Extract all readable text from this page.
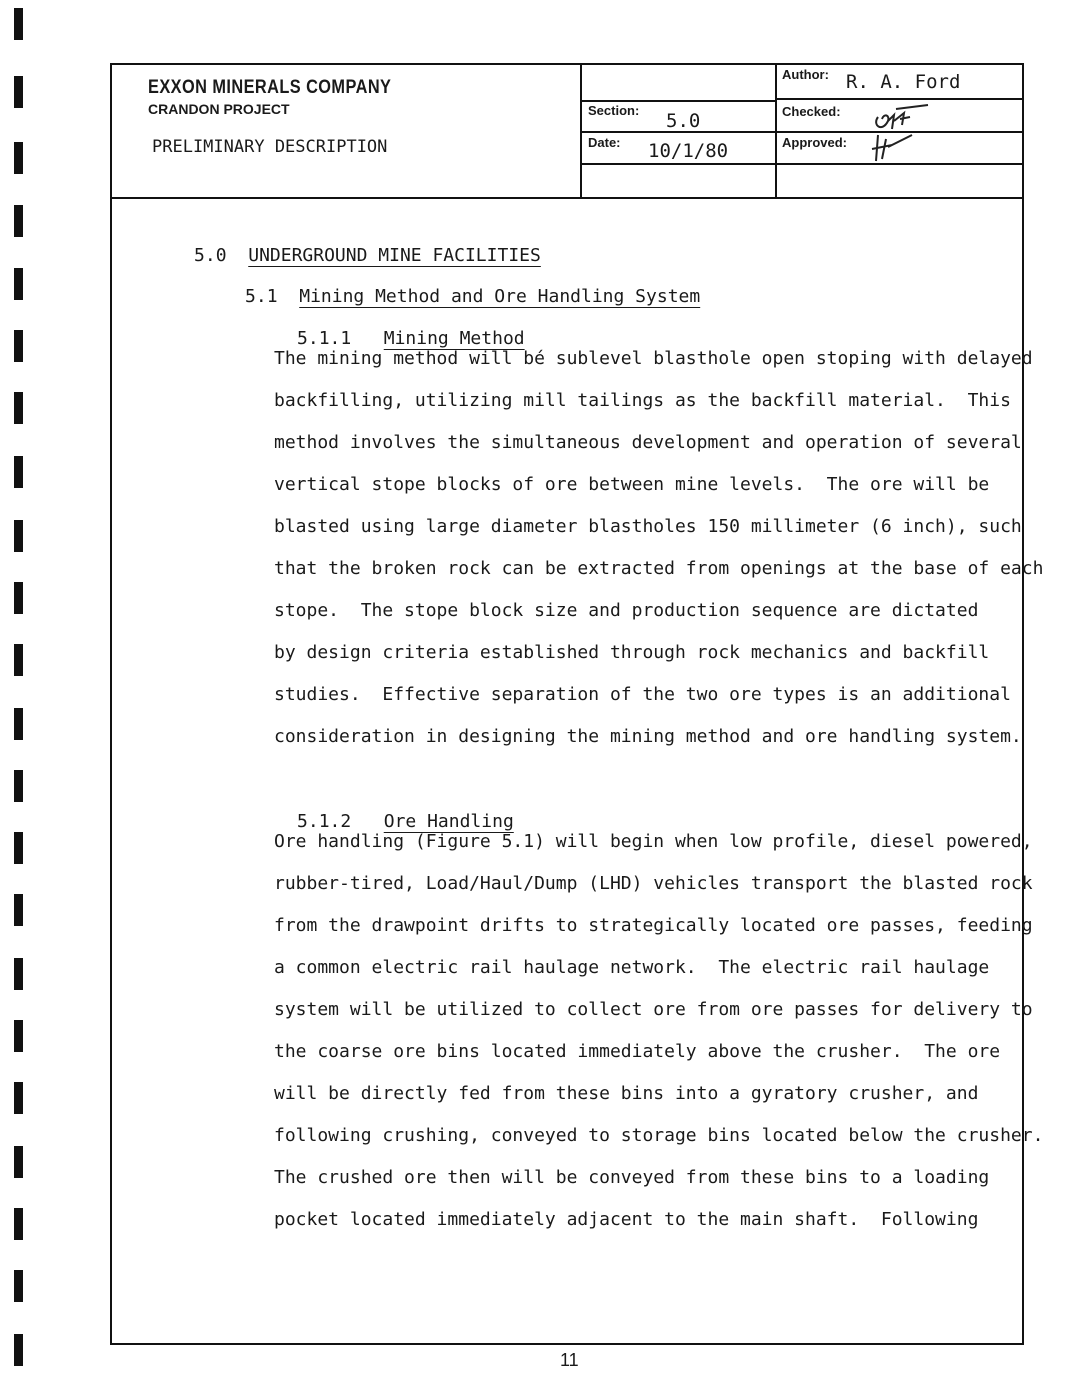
EXXON MINERALS COMPANY
CRANDON PROJECT
PRELIMINARY DESCRIPTION
Section: 5.0
Date: 10/1/80
Author: R. A. Ford
Checked:
Approved:

5.0 UNDERGROUND MINE FACILITIES

5.1 Mining Method and Ore Handling System

5.1.1 Mining Method

The mining method will bé sublevel blasthole open stoping with delayed
backfilling, utilizing mill tailings as the backfill material.  This
method involves the simultaneous development and operation of several
vertical stope blocks of ore between mine levels.  The ore will be
blasted using large diameter blastholes 150 millimeter (6 inch), such
that the broken rock can be extracted from openings at the base of each
stope.  The stope block size and production sequence are dictated
by design criteria established through rock mechanics and backfill
studies.  Effective separation of the two ore types is an additional
consideration in designing the mining method and ore handling system.

5.1.2 Ore Handling

Ore handling (Figure 5.1) will begin when low profile, diesel powered,
rubber-tired, Load/Haul/Dump (LHD) vehicles transport the blasted rock
from the drawpoint drifts to strategically located ore passes, feeding
a common electric rail haulage network.  The electric rail haulage
system will be utilized to collect ore from ore passes for delivery to
the coarse ore bins located immediately above the crusher.  The ore
will be directly fed from these bins into a gyratory crusher, and
following crushing, conveyed to storage bins located below the crusher.
The crushed ore then will be conveyed from these bins to a loading
pocket located immediately adjacent to the main shaft.  Following
11
